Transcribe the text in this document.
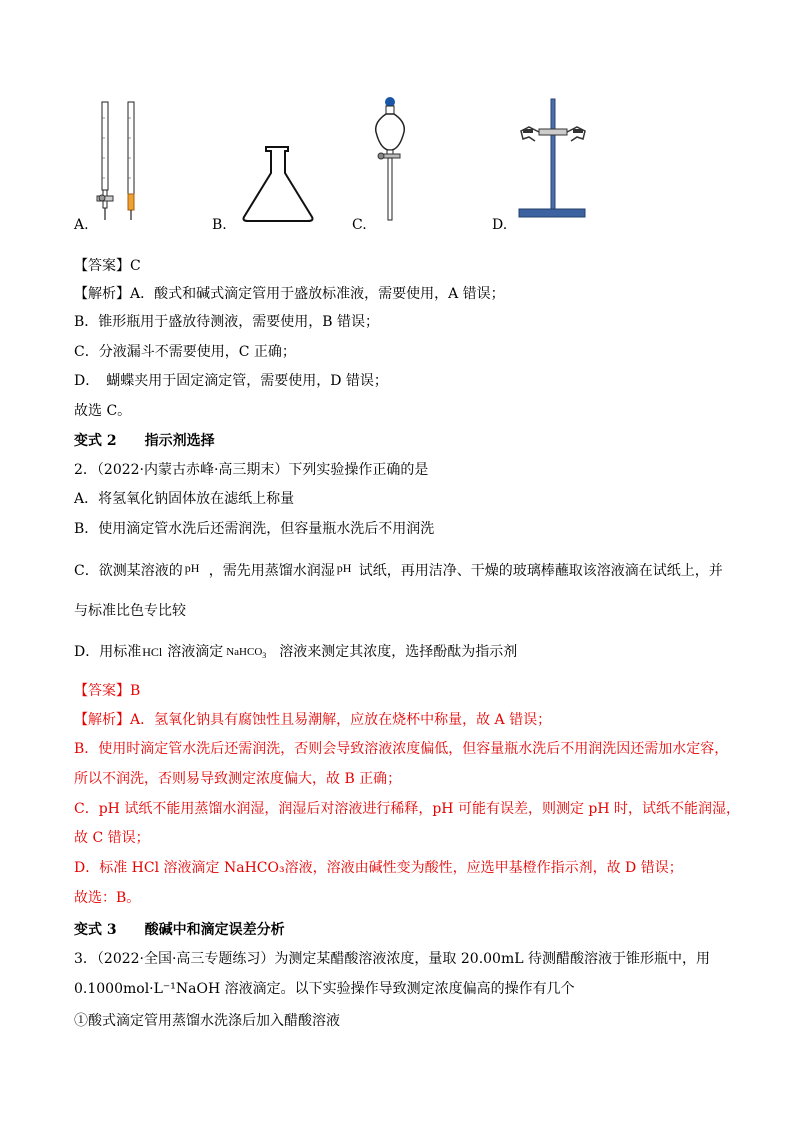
A.	B.	C.	D.
【答案】C
【解析】A．酸式和碱式滴定管用于盛放标准液，需要使用，A 错误；
B．锥形瓶用于盛放待测液，需要使用，B 错误；
C．分液漏斗不需要使用，C 正确；
D．　蝴蝶夹用于固定滴定管，需要使用，D 错误；
故选 C。
变式 2 指示剂选择
2．（2022·内蒙古赤峰·高三期末）下列实验操作正确的是
A．将氢氧化钠固体放在滤纸上称量
B．使用滴定管水洗后还需润洗，但容量瓶水洗后不用润洗
C．欲测某溶液的 pH ，需先用蒸馏水润湿 pH 试纸，再用洁净、干燥的玻璃棒蘸取该溶液滴在试纸上，并
与标准比色专比较
D．用标准 HCl 溶液滴定 NaHCO$_3$ 溶液来测定其浓度，选择酚酞为指示剂
【答案】B
【解析】A．氢氧化钠具有腐蚀性且易潮解，应放在烧杯中称量，故 A 错误；
B．使用时滴定管水洗后还需润洗，否则会导致溶液浓度偏低，但容量瓶水洗后不用润洗因还需加水定容，
所以不润洗，否则易导致测定浓度偏大，故 B 正确；
C．pH 试纸不能用蒸馏水润湿，润湿后对溶液进行稀释，pH 可能有误差，则测定 pH 时，试纸不能润湿，
故 C 错误；
D．标准 HCl 溶液滴定 NaHCO₃溶液，溶液由碱性变为酸性，应选甲基橙作指示剂，故 D 错误；
故选：B。
变式 3 酸碱中和滴定误差分析
3．（2022·全国·高三专题练习）为测定某醋酸溶液浓度，量取 20.00mL 待测醋酸溶液于锥形瓶中，用
0.1000mol·L⁻¹NaOH 溶液滴定。以下实验操作导致测定浓度偏高的操作有几个
①酸式滴定管用蒸馏水洗涤后加入醋酸溶液
